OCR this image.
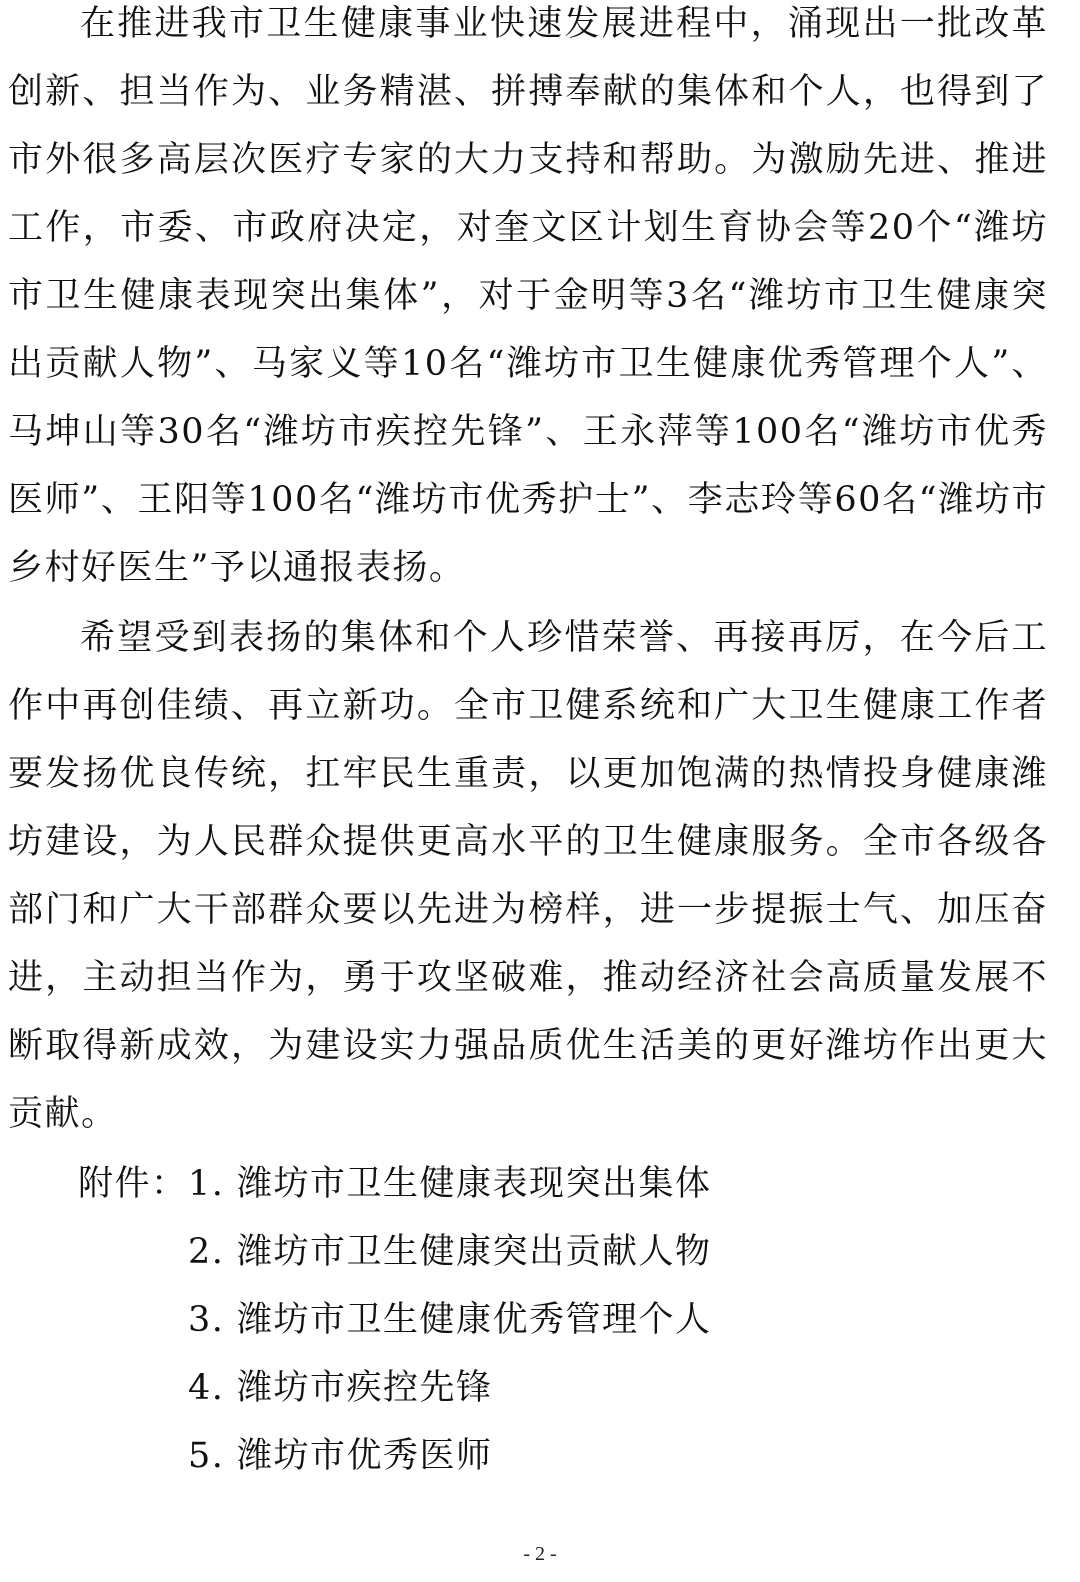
在推进我市卫生健康事业快速发展进程中，涌现出一批改革创新、担当作为、业务精湛、拼搏奉献的集体和个人，也得到了市外很多高层次医疗专家的大力支持和帮助。为激励先进、推进工作，市委、市政府决定，对奎文区计划生育协会等20个“潍坊市卫生健康表现突出集体”，对于金明等3名“潍坊市卫生健康突出贡献人物”、马家义等10名“潍坊市卫生健康优秀管理个人”、马坤山等30名“潍坊市疾控先锋”、王永萍等100名“潍坊市优秀医师”、王阳等100名“潍坊市优秀护士”、李志玲等60名“潍坊市乡村好医生”予以通报表扬。

希望受到表扬的集体和个人珍惜荣誉、再接再厉，在今后工作中再创佳绩、再立新功。全市卫健系统和广大卫生健康工作者要发扬优良传统，扛牢民生重责，以更加饱满的热情投身健康潍坊建设，为人民群众提供更高水平的卫生健康服务。全市各级各部门和广大干部群众要以先进为榜样，进一步提振士气、加压奋进，主动担当作为，勇于攻坚破难，推动经济社会高质量发展不断取得新成效，为建设实力强品质优生活美的更好潍坊作出更大贡献。

附件： 1. 潍坊市卫生健康表现突出集体
2. 潍坊市卫生健康突出贡献人物
3. 潍坊市卫生健康优秀管理个人
4. 潍坊市疾控先锋
5. 潍坊市优秀医师
- 2 -
